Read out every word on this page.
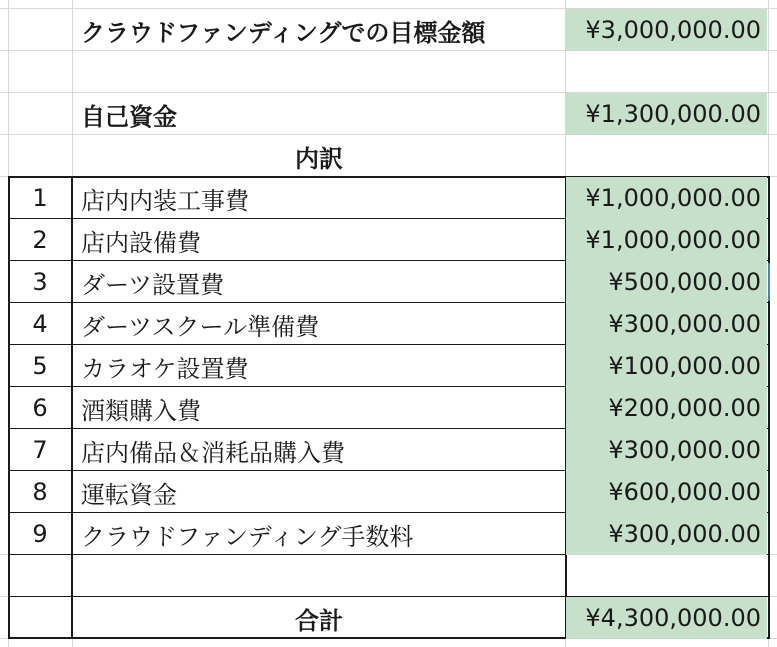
クラウドファンディングでの目標金額	¥3,000,000.00
自己資金	¥1,300,000.00
内訳
1	店内内装工事費	¥1,000,000.00
2	店内設備費	¥1,000,000.00
3	ダーツ設置費	¥500,000.00
4	ダーツスクール準備費	¥300,000.00
5	カラオケ設置費	¥100,000.00
6	酒類購入費	¥200,000.00
7	店内備品＆消耗品購入費	¥300,000.00
8	運転資金	¥600,000.00
9	クラウドファンディング手数料	¥300,000.00
合計	¥4,300,000.00
